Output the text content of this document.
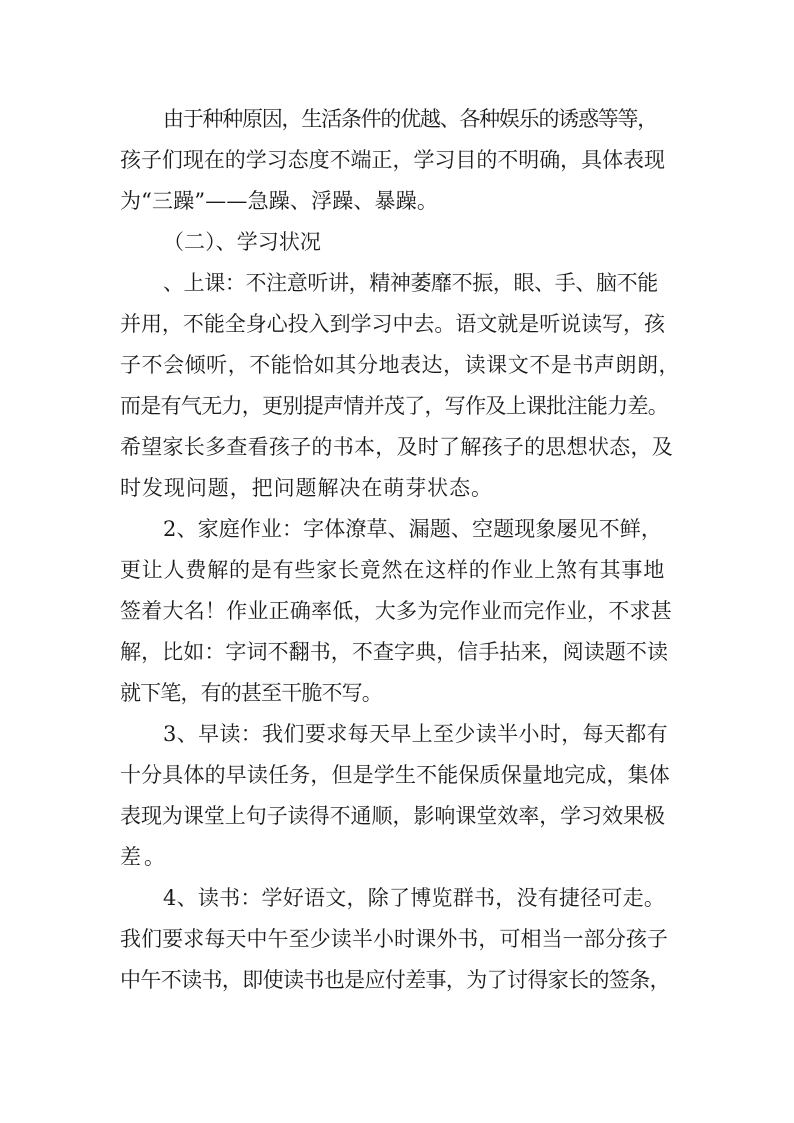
由于种种原因，生活条件的优越、各种娱乐的诱惑等等，
孩子们现在的学习态度不端正，学习目的不明确，具体表现
为“三躁”——急躁、浮躁、暴躁。
（二）、学习状况
、上课：不注意听讲，精神萎靡不振，眼、手、脑不能
并用，不能全身心投入到学习中去。语文就是听说读写，孩
子不会倾听，不能恰如其分地表达，读课文不是书声朗朗，
而是有气无力，更别提声情并茂了，写作及上课批注能力差。
希望家长多查看孩子的书本，及时了解孩子的思想状态，及
时发现问题，把问题解决在萌芽状态。
2、家庭作业：字体潦草、漏题、空题现象屡见不鲜，
更让人费解的是有些家长竟然在这样的作业上煞有其事地
签着大名！作业正确率低，大多为完作业而完作业，不求甚
解，比如：字词不翻书，不查字典，信手拈来，阅读题不读
就下笔，有的甚至干脆不写。
3、早读：我们要求每天早上至少读半小时，每天都有
十分具体的早读任务，但是学生不能保质保量地完成，集体
表现为课堂上句子读得不通顺，影响课堂效率，学习效果极
差。
4、读书：学好语文，除了博览群书，没有捷径可走。
我们要求每天中午至少读半小时课外书，可相当一部分孩子
中午不读书，即使读书也是应付差事，为了讨得家长的签条，
